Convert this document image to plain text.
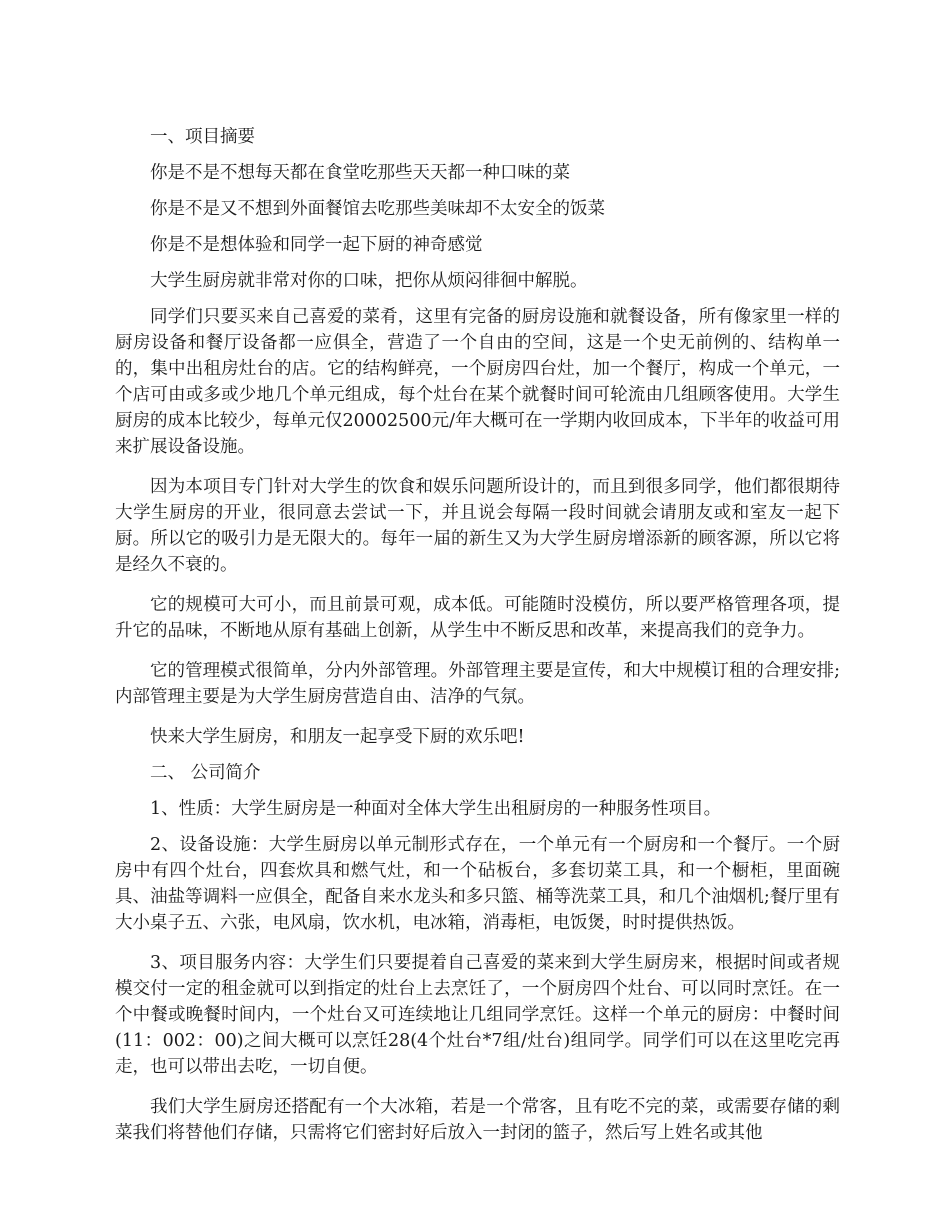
一、项目摘要

你是不是不想每天都在食堂吃那些天天都一种口味的菜

你是不是又不想到外面餐馆去吃那些美味却不太安全的饭菜

你是不是想体验和同学一起下厨的神奇感觉

大学生厨房就非常对你的口味，把你从烦闷徘徊中解脱。

同学们只要买来自己喜爱的菜肴，这里有完备的厨房设施和就餐设备，所有像家里一样的厨房设备和餐厅设备都一应俱全，营造了一个自由的空间，这是一个史无前例的、结构单一的，集中出租房灶台的店。它的结构鲜亮，一个厨房四台灶，加一个餐厅，构成一个单元，一个店可由或多或少地几个单元组成，每个灶台在某个就餐时间可轮流由几组顾客使用。大学生厨房的成本比较少，每单元仅20002500元/年大概可在一学期内收回成本，下半年的收益可用来扩展设备设施。

因为本项目专门针对大学生的饮食和娱乐问题所设计的，而且到很多同学，他们都很期待大学生厨房的开业，很同意去尝试一下，并且说会每隔一段时间就会请朋友或和室友一起下厨。所以它的吸引力是无限大的。每年一届的新生又为大学生厨房增添新的顾客源，所以它将是经久不衰的。

它的规模可大可小，而且前景可观，成本低。可能随时没模仿，所以要严格管理各项，提升它的品味，不断地从原有基础上创新，从学生中不断反思和改革，来提高我们的竞争力。

它的管理模式很简单，分内外部管理。外部管理主要是宣传，和大中规模订租的合理安排;内部管理主要是为大学生厨房营造自由、洁净的气氛。

快来大学生厨房，和朋友一起享受下厨的欢乐吧!

二、 公司简介

1、性质：大学生厨房是一种面对全体大学生出租厨房的一种服务性项目。

2、设备设施：大学生厨房以单元制形式存在，一个单元有一个厨房和一个餐厅。一个厨房中有四个灶台，四套炊具和燃气灶，和一个砧板台，多套切菜工具，和一个橱柜，里面碗具、油盐等调料一应俱全，配备自来水龙头和多只篮、桶等洗菜工具，和几个油烟机;餐厅里有大小桌子五、六张，电风扇，饮水机，电冰箱，消毒柜，电饭煲，时时提供热饭。

3、项目服务内容：大学生们只要提着自己喜爱的菜来到大学生厨房来，根据时间或者规模交付一定的租金就可以到指定的灶台上去烹饪了，一个厨房四个灶台、可以同时烹饪。在一个中餐或晚餐时间内，一个灶台又可连续地让几组同学烹饪。这样一个单元的厨房：中餐时间(11：002：00)之间大概可以烹饪28(4个灶台*7组/灶台)组同学。同学们可以在这里吃完再走，也可以带出去吃，一切自便。

我们大学生厨房还搭配有一个大冰箱，若是一个常客，且有吃不完的菜，或需要存储的剩菜我们将替他们存储，只需将它们密封好后放入一封闭的篮子，然后写上姓名或其他
